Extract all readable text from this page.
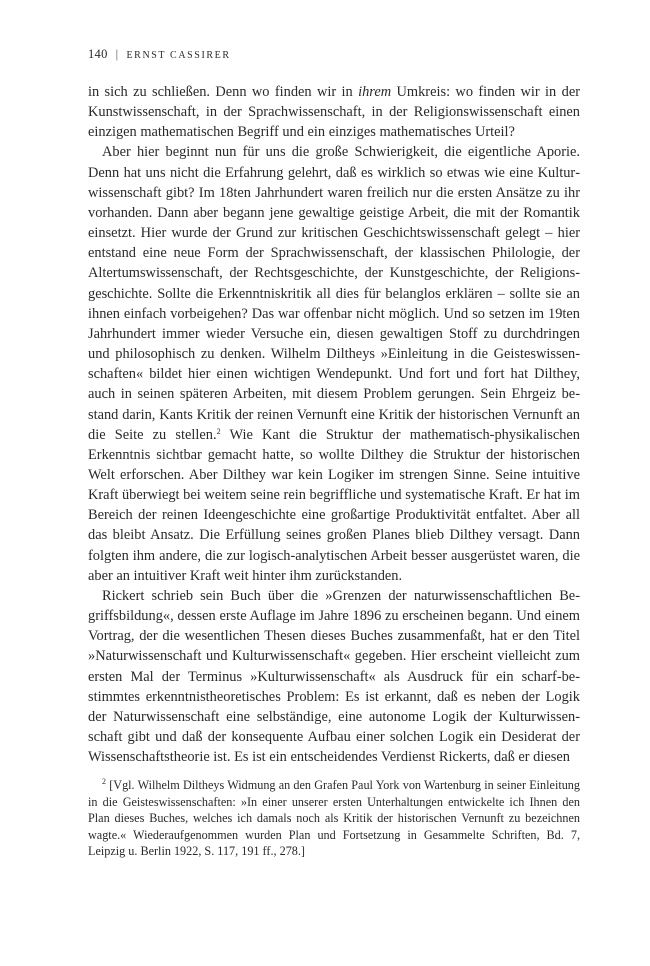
140 | ERNST CASSIRER

in sich zu schließen. Denn wo finden wir in ihrem Umkreis: wo finden wir in der Kunstwissenschaft, in der Sprachwissenschaft, in der Religionswissenschaft einen einzigen mathematischen Begriff und ein einziges mathematisches Urteil?

Aber hier beginnt nun für uns die große Schwierigkeit, die eigentliche Aporie. Denn hat uns nicht die Erfahrung gelehrt, daß es wirklich so etwas wie eine Kulturwissenschaft gibt? Im 18ten Jahrhundert waren freilich nur die ersten Ansätze zu ihr vorhanden. Dann aber begann jene gewaltige geistige Arbeit, die mit der Romantik einsetzt. Hier wurde der Grund zur kritischen Geschichtswissenschaft gelegt – hier entstand eine neue Form der Sprachwissenschaft, der klassischen Philologie, der Altertumswissenschaft, der Rechtsgeschichte, der Kunstgeschichte, der Religionsgeschichte. Sollte die Erkenntniskritik all dies für belanglos erklären – sollte sie an ihnen einfach vorbeigehen? Das war offenbar nicht möglich. Und so setzen im 19ten Jahrhundert immer wieder Versuche ein, diesen gewaltigen Stoff zu durchdringen und philosophisch zu denken. Wilhelm Diltheys »Einleitung in die Geisteswissenschaften« bildet hier einen wichtigen Wendepunkt. Und fort und fort hat Dilthey, auch in seinen späteren Arbeiten, mit diesem Problem gerungen. Sein Ehrgeiz bestand darin, Kants Kritik der reinen Vernunft eine Kritik der historischen Vernunft an die Seite zu stellen.$^2$ Wie Kant die Struktur der mathematisch-physikalischen Erkenntnis sichtbar gemacht hatte, so wollte Dilthey die Struktur der historischen Welt erforschen. Aber Dilthey war kein Logiker im strengen Sinne. Seine intuitive Kraft überwiegt bei weitem seine rein begriffliche und systematische Kraft. Er hat im Bereich der reinen Ideengeschichte eine großartige Produktivität entfaltet. Aber all das bleibt Ansatz. Die Erfüllung seines großen Planes blieb Dilthey versagt. Dann folgten ihm andere, die zur logisch-analytischen Arbeit besser ausgerüstet waren, die aber an intuitiver Kraft weit hinter ihm zurückstanden.

Rickert schrieb sein Buch über die »Grenzen der naturwissenschaftlichen Begriffsbildung«, dessen erste Auflage im Jahre 1896 zu erscheinen begann. Und einem Vortrag, der die wesentlichen Thesen dieses Buches zusammenfaßt, hat er den Titel »Naturwissenschaft und Kulturwissenschaft« gegeben. Hier erscheint vielleicht zum ersten Mal der Terminus »Kulturwissenschaft« als Ausdruck für ein scharf-bestimmtes erkenntnistheoretisches Problem: Es ist erkannt, daß es neben der Logik der Naturwissenschaft eine selbständige, eine autonome Logik der Kulturwissenschaft gibt und daß der konsequente Aufbau einer solchen Logik ein Desiderat der Wissenschaftstheorie ist. Es ist ein entscheidendes Verdienst Rickerts, daß er diesen

$^2$ [Vgl. Wilhelm Diltheys Widmung an den Grafen Paul York von Wartenburg in seiner Einleitung in die Geisteswissenschaften: »In einer unserer ersten Unterhaltungen entwickelte ich Ihnen den Plan dieses Buches, welches ich damals noch als Kritik der historischen Vernunft zu bezeichnen wagte.« Wiederaufgenommen wurden Plan und Fortsetzung in Gesammelte Schriften, Bd. 7, Leipzig u. Berlin 1922, S. 117, 191 ff., 278.]
